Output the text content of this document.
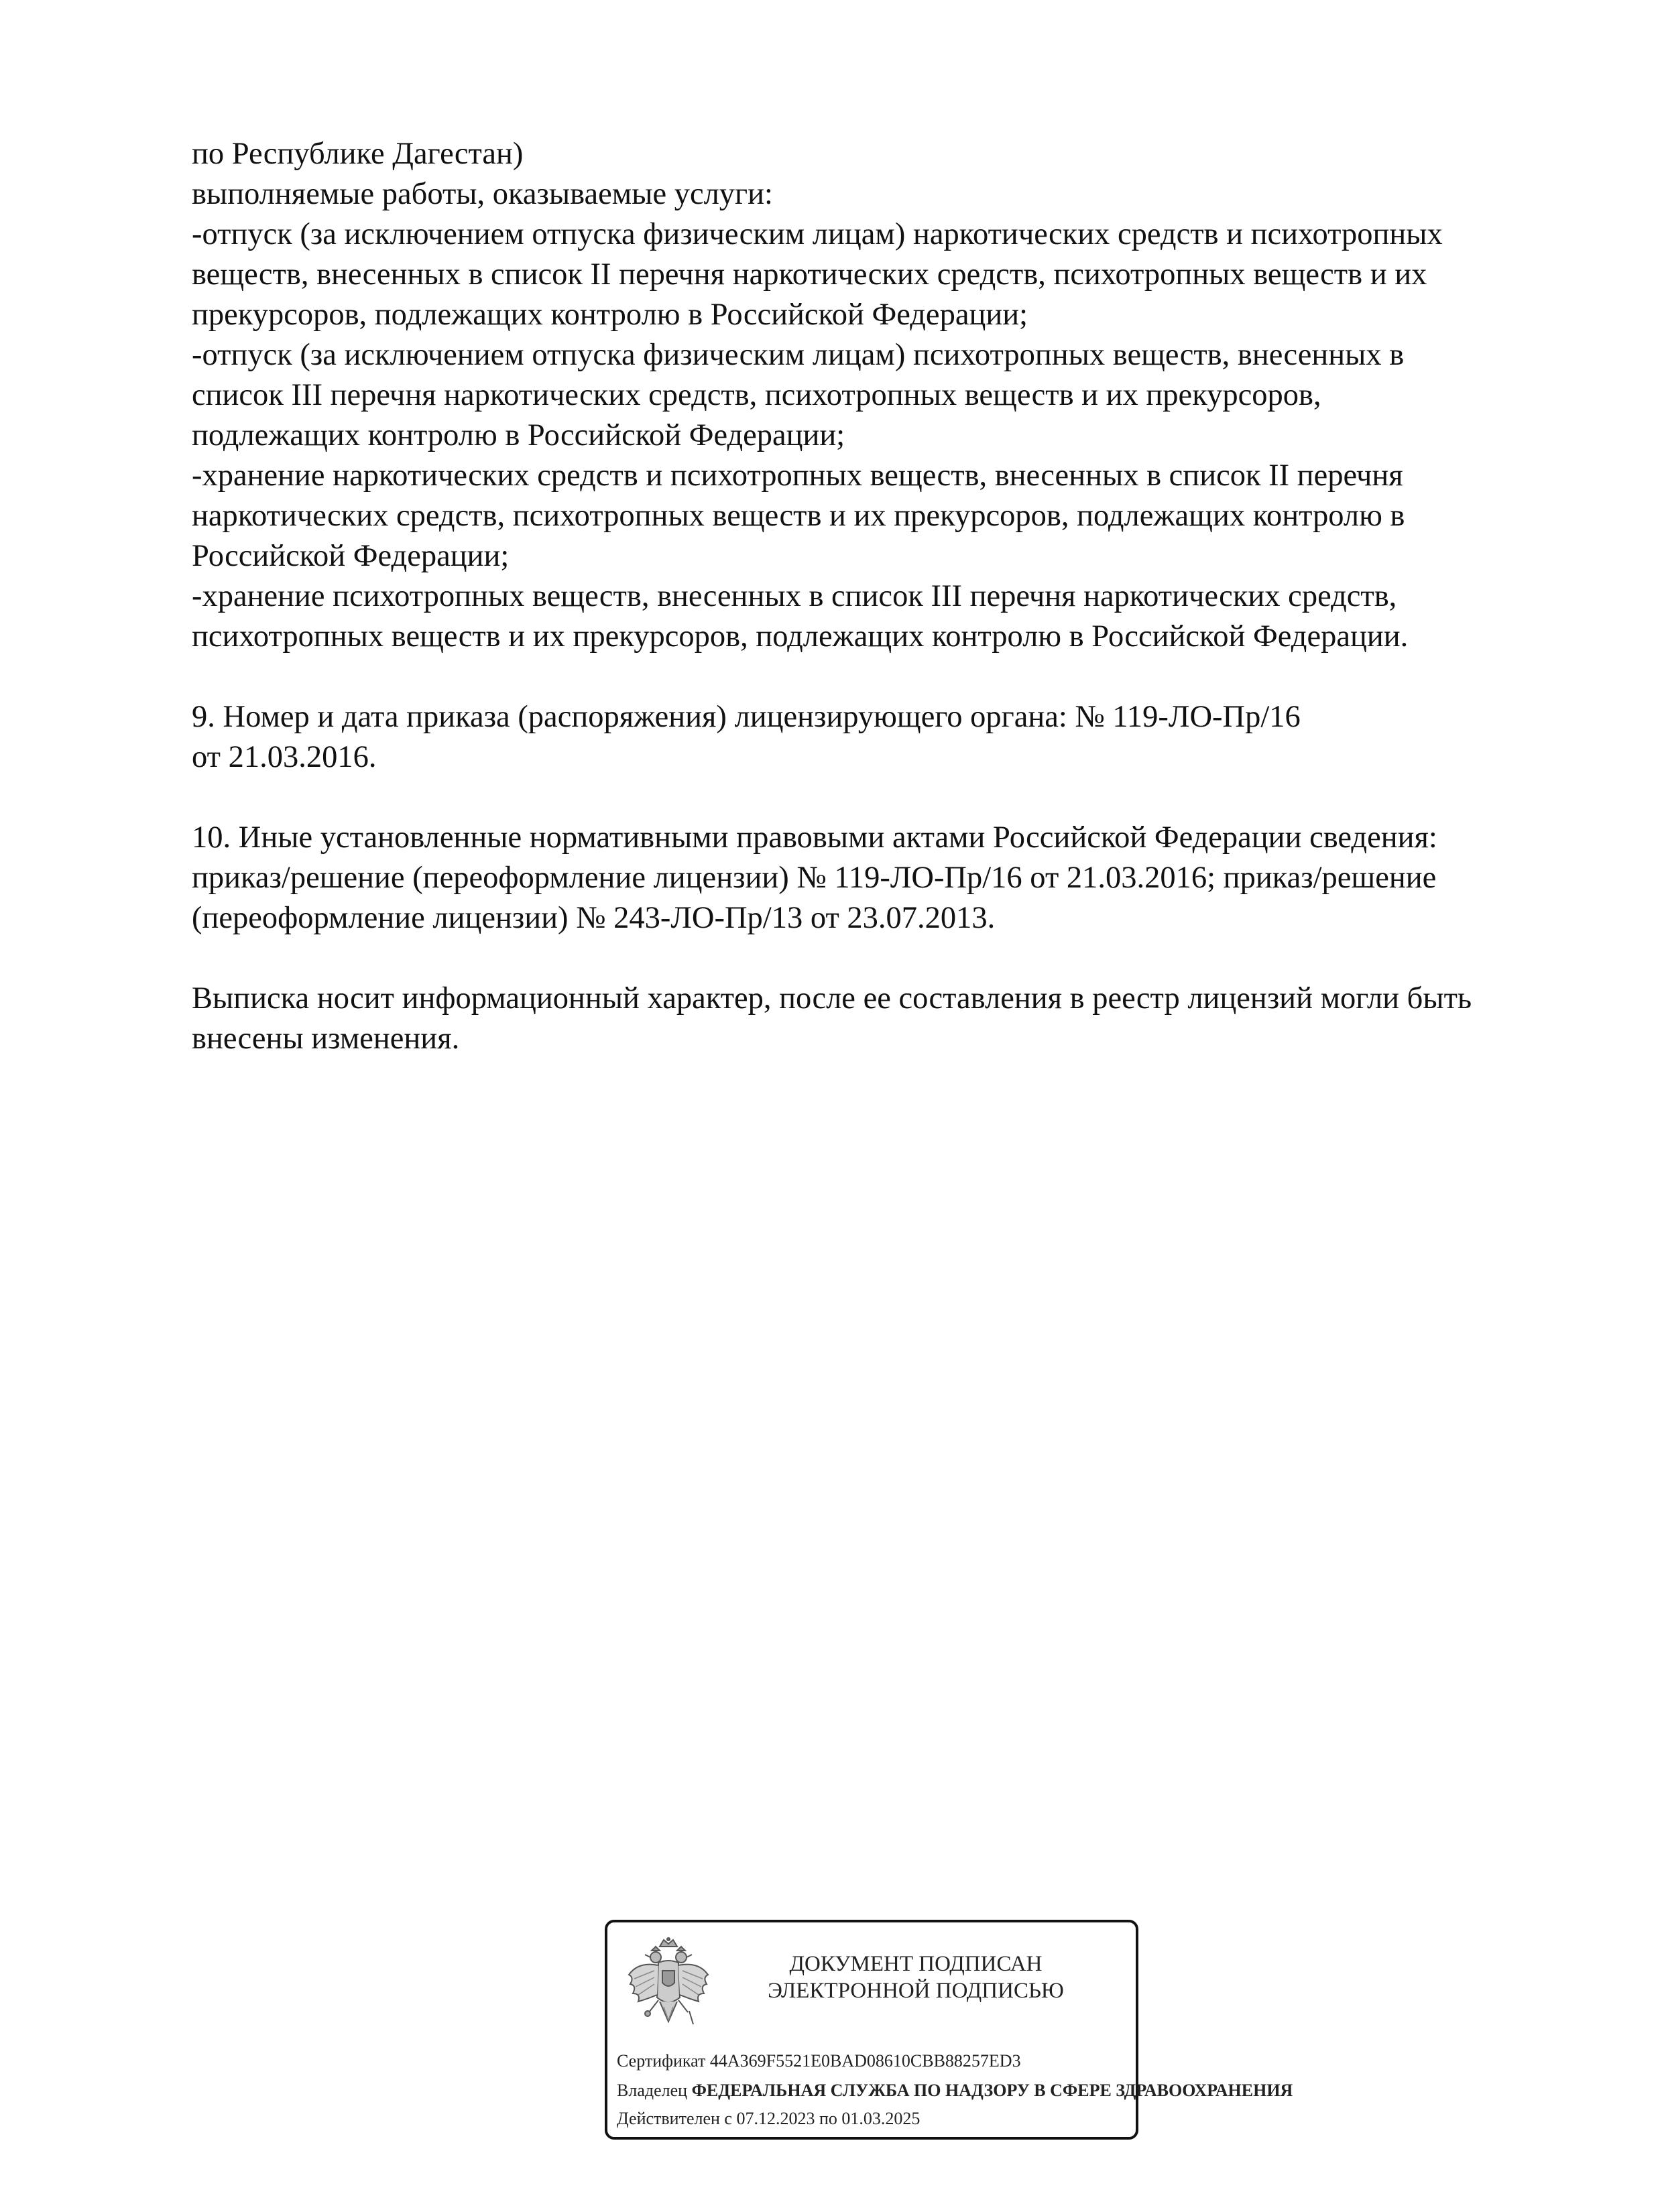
по Республике Дагестан)
выполняемые работы, оказываемые услуги:
-отпуск (за исключением отпуска физическим лицам) наркотических средств и психотропных
веществ, внесенных в список II перечня наркотических средств, психотропных веществ и их
прекурсоров, подлежащих контролю в Российской Федерации;
-отпуск (за исключением отпуска физическим лицам) психотропных веществ, внесенных в
список III перечня наркотических средств, психотропных веществ и их прекурсоров,
подлежащих контролю в Российской Федерации;
-хранение наркотических средств и психотропных веществ, внесенных в список II перечня
наркотических средств, психотропных веществ и их прекурсоров, подлежащих контролю в
Российской Федерации;
-хранение психотропных веществ, внесенных в список III перечня наркотических средств,
психотропных веществ и их прекурсоров, подлежащих контролю в Российской Федерации.
9. Номер и дата приказа (распоряжения) лицензирующего органа: № 119-ЛО-Пр/16
от 21.03.2016.
10. Иные установленные нормативными правовыми актами Российской Федерации сведения:
приказ/решение (переоформление лицензии) № 119-ЛО-Пр/16 от 21.03.2016; приказ/решение
(переоформление лицензии) № 243-ЛО-Пр/13 от 23.07.2013.
Выписка носит информационный характер, после ее составления в реестр лицензий могли быть
внесены изменения.
ДОКУМЕНТ ПОДПИСАН
ЭЛЕКТРОННОЙ ПОДПИСЬЮ
Сертификат 44A369F5521E0BAD08610CBB88257ED3
Владелец ФЕДЕРАЛЬНАЯ СЛУЖБА ПО НАДЗОРУ В СФЕРЕ ЗДРАВООХРАНЕНИЯ
Действителен с 07.12.2023 по 01.03.2025
